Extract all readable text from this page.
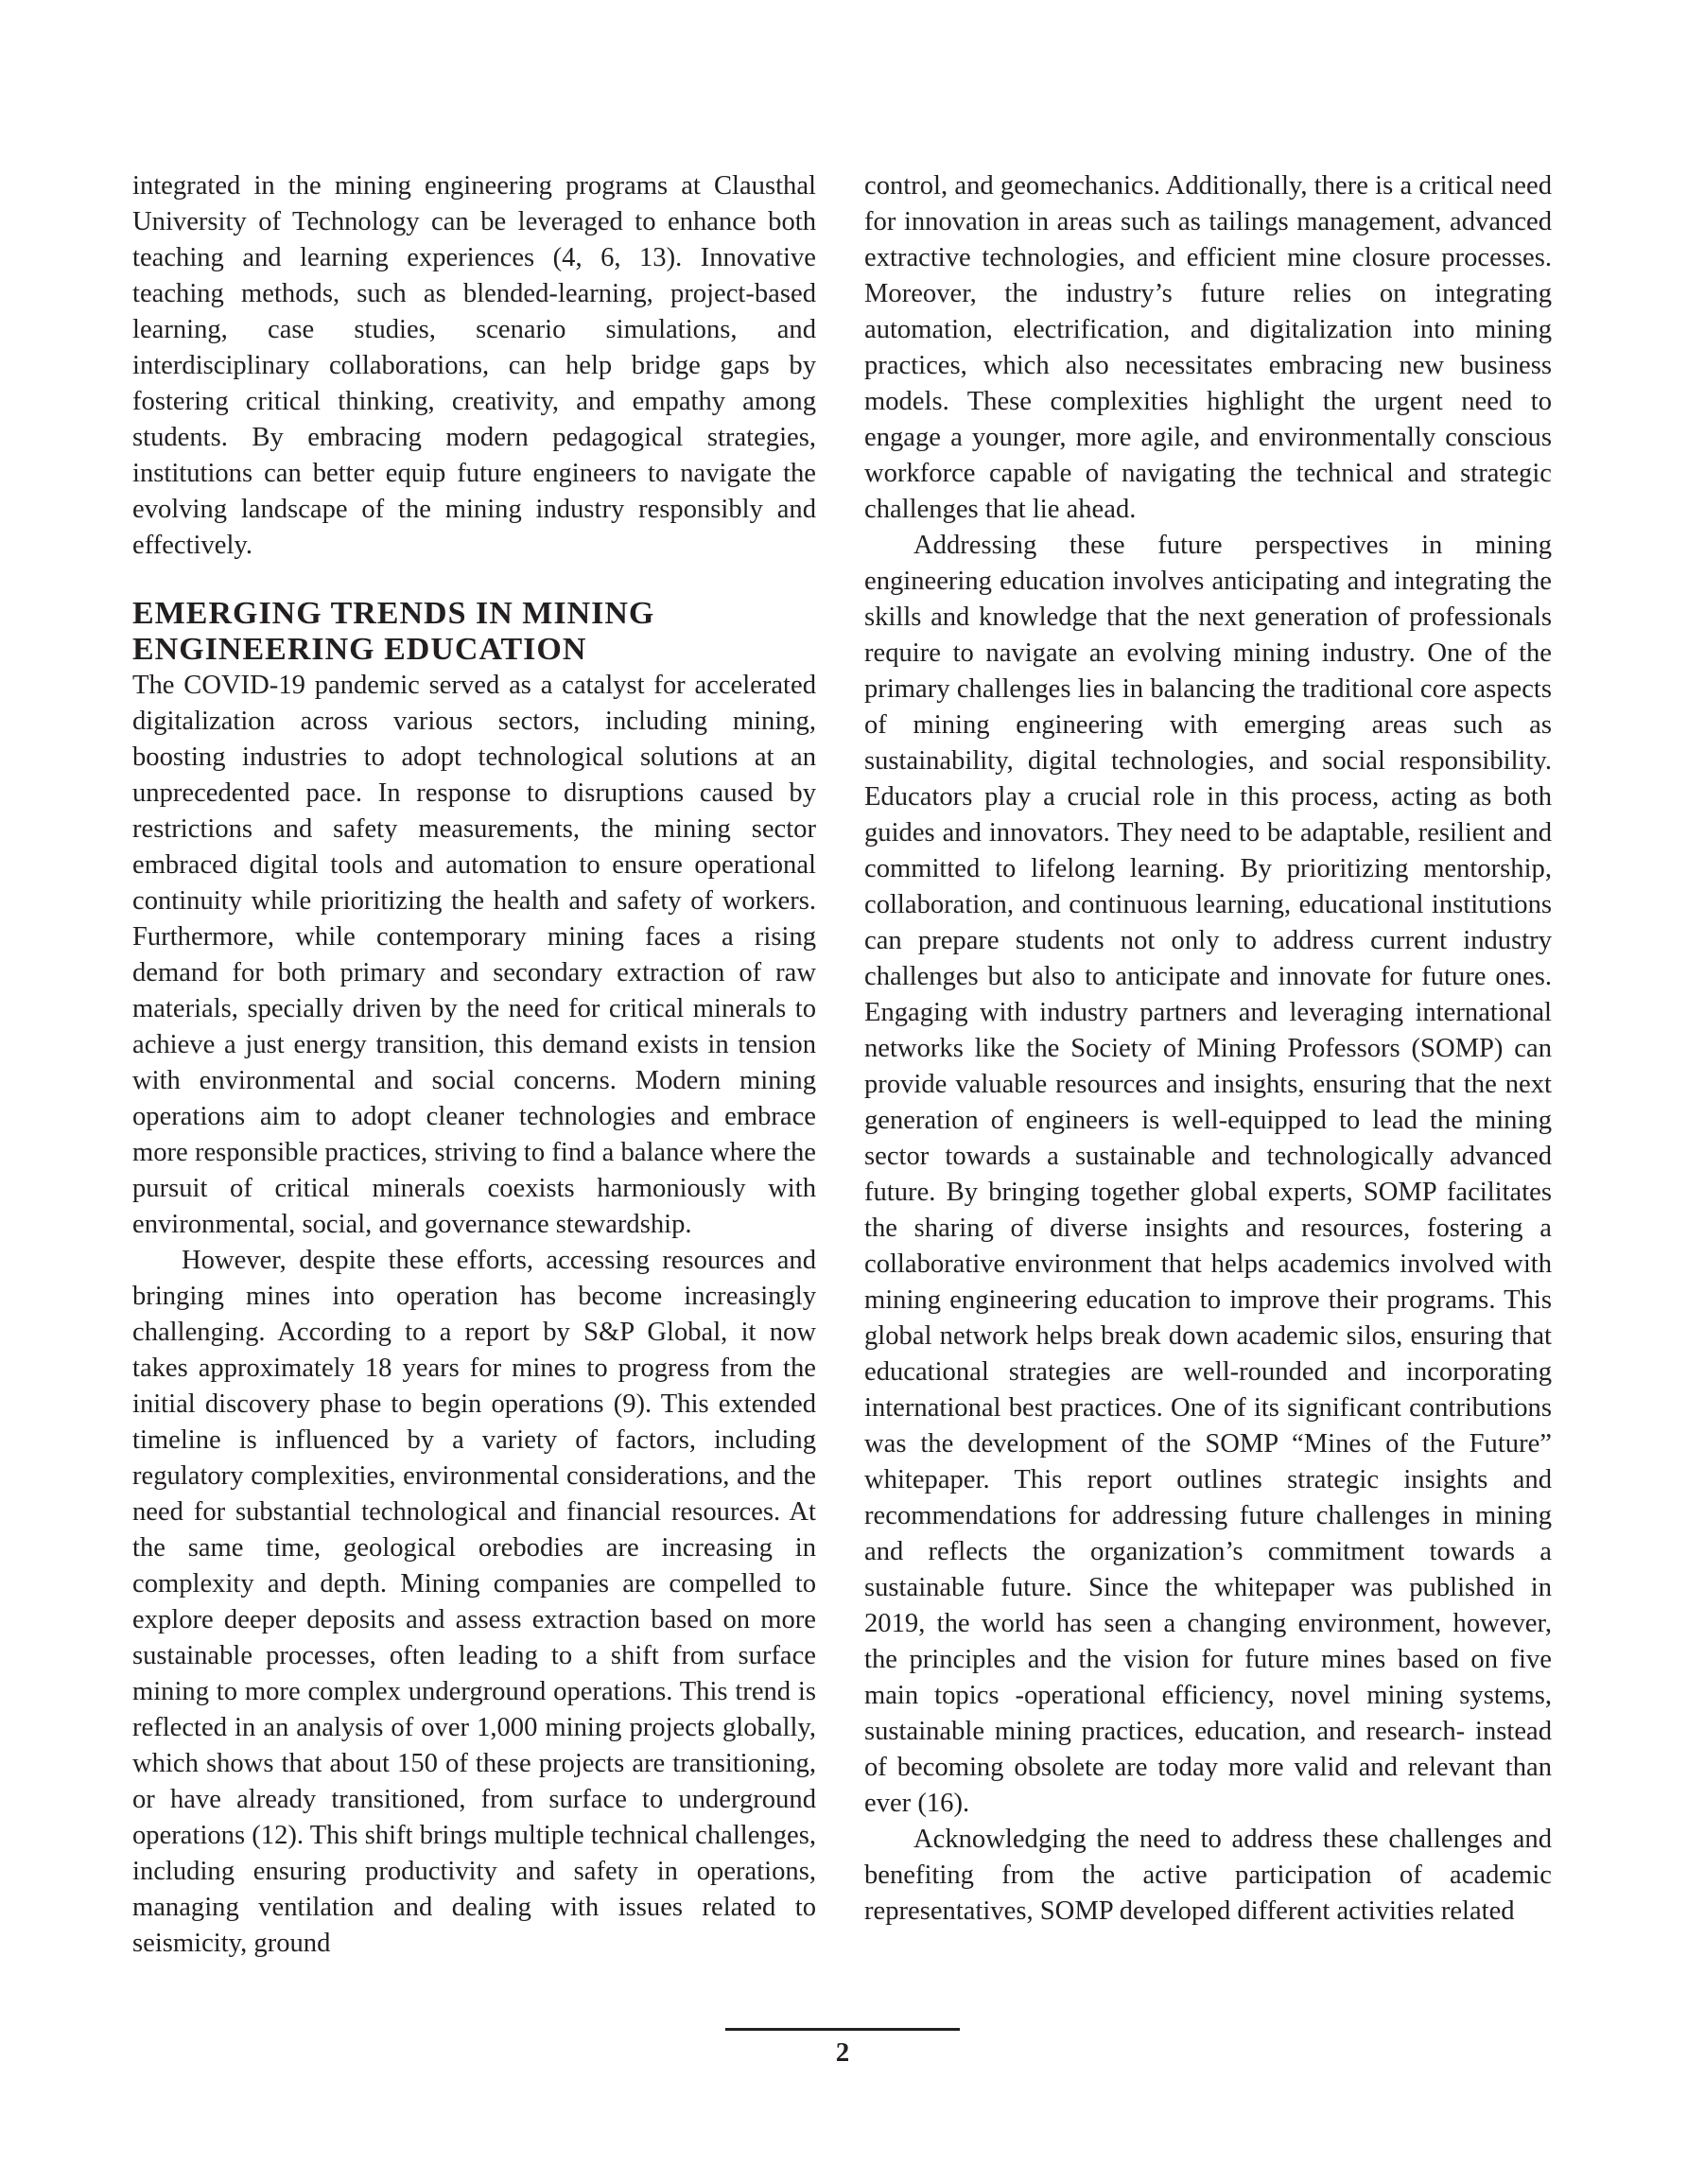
integrated in the mining engineering programs at Clausthal University of Technology can be leveraged to enhance both teaching and learning experiences (4, 6, 13). Innovative teaching methods, such as blended-learning, project-based learning, case studies, scenario simulations, and interdisciplinary collaborations, can help bridge gaps by fostering critical thinking, creativity, and empathy among students. By embracing modern pedagogical strategies, institutions can better equip future engineers to navigate the evolving landscape of the mining industry responsibly and effectively.

EMERGING TRENDS IN MINING ENGINEERING EDUCATION

The COVID-19 pandemic served as a catalyst for accelerated digitalization across various sectors, including mining, boosting industries to adopt technological solutions at an unprecedented pace. In response to disruptions caused by restrictions and safety measurements, the mining sector embraced digital tools and automation to ensure operational continuity while prioritizing the health and safety of workers. Furthermore, while contemporary mining faces a rising demand for both primary and secondary extraction of raw materials, specially driven by the need for critical minerals to achieve a just energy transition, this demand exists in tension with environmental and social concerns. Modern mining operations aim to adopt cleaner technologies and embrace more responsible practices, striving to find a balance where the pursuit of critical minerals coexists harmoniously with environmental, social, and governance stewardship.

However, despite these efforts, accessing resources and bringing mines into operation has become increasingly challenging. According to a report by S&P Global, it now takes approximately 18 years for mines to progress from the initial discovery phase to begin operations (9). This extended timeline is influenced by a variety of factors, including regulatory complexities, environmental considerations, and the need for substantial technological and financial resources. At the same time, geological orebodies are increasing in complexity and depth. Mining companies are compelled to explore deeper deposits and assess extraction based on more sustainable processes, often leading to a shift from surface mining to more complex underground operations. This trend is reflected in an analysis of over 1,000 mining projects globally, which shows that about 150 of these projects are transitioning, or have already transitioned, from surface to underground operations (12). This shift brings multiple technical challenges, including ensuring productivity and safety in operations, managing ventilation and dealing with issues related to seismicity, ground

control, and geomechanics. Additionally, there is a critical need for innovation in areas such as tailings management, advanced extractive technologies, and efficient mine closure processes. Moreover, the industry’s future relies on integrating automation, electrification, and digitalization into mining practices, which also necessitates embracing new business models. These complexities highlight the urgent need to engage a younger, more agile, and environmentally conscious workforce capable of navigating the technical and strategic challenges that lie ahead.

Addressing these future perspectives in mining engineering education involves anticipating and integrating the skills and knowledge that the next generation of professionals require to navigate an evolving mining industry. One of the primary challenges lies in balancing the traditional core aspects of mining engineering with emerging areas such as sustainability, digital technologies, and social responsibility. Educators play a crucial role in this process, acting as both guides and innovators. They need to be adaptable, resilient and committed to lifelong learning. By prioritizing mentorship, collaboration, and continuous learning, educational institutions can prepare students not only to address current industry challenges but also to anticipate and innovate for future ones. Engaging with industry partners and leveraging international networks like the Society of Mining Professors (SOMP) can provide valuable resources and insights, ensuring that the next generation of engineers is well-equipped to lead the mining sector towards a sustainable and technologically advanced future. By bringing together global experts, SOMP facilitates the sharing of diverse insights and resources, fostering a collaborative environment that helps academics involved with mining engineering education to improve their programs. This global network helps break down academic silos, ensuring that educational strategies are well-rounded and incorporating international best practices. One of its significant contributions was the development of the SOMP “Mines of the Future” whitepaper. This report outlines strategic insights and recommendations for addressing future challenges in mining and reflects the organization’s commitment towards a sustainable future. Since the whitepaper was published in 2019, the world has seen a changing environment, however, the principles and the vision for future mines based on five main topics -operational efficiency, novel mining systems, sustainable mining practices, education, and research- instead of becoming obsolete are today more valid and relevant than ever (16).

Acknowledging the need to address these challenges and benefiting from the active participation of academic representatives, SOMP developed different activities related

2
